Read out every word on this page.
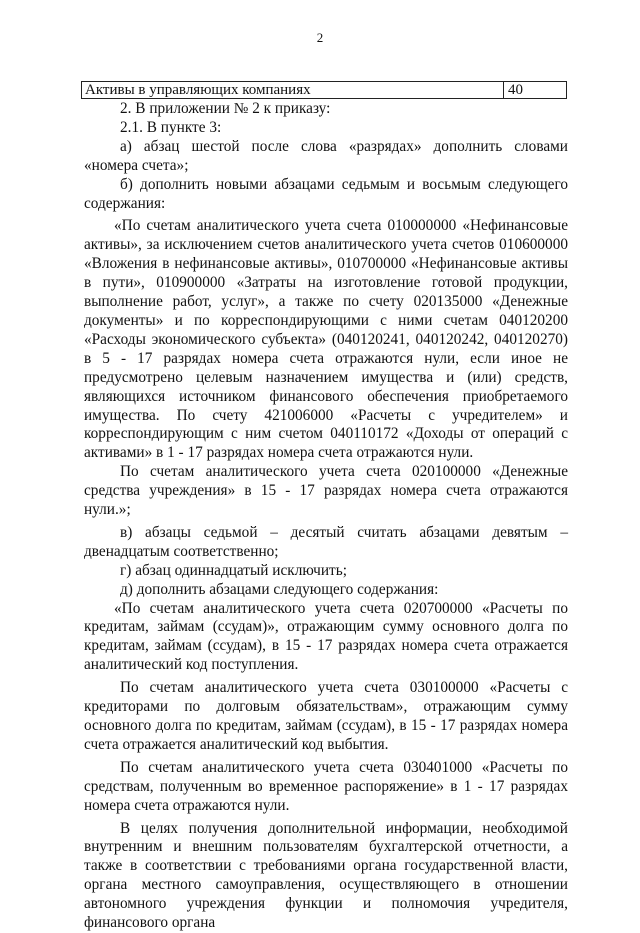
2
Активы в управляющих компаниях	40

2. В приложении № 2 к приказу:

2.1. В пункте 3:

а) абзац шестой после слова «разрядах» дополнить словами «номера счета»;

б) дополнить новыми абзацами седьмым и восьмым следующего содержания:

«По счетам аналитического учета счета 010000000 «Нефинансовые активы», за исключением счетов аналитического учета счетов 010600000 «Вложения в нефинансовые активы», 010700000 «Нефинансовые активы в пути», 010900000 «Затраты на изготовление готовой продукции, выполнение работ, услуг», а также по счету 020135000 «Денежные документы» и по корреспондирующими с ними счетам 040120200 «Расходы экономического субъекта» (040120241, 040120242, 040120270) в 5 - 17 разрядах номера счета отражаются нули, если иное не предусмотрено целевым назначением имущества и (или) средств, являющихся источником финансового обеспечения приобретаемого имущества. По счету 421006000 «Расчеты с учредителем» и корреспондирующим с ним счетом 040110172 «Доходы от операций с активами» в 1 - 17 разрядах номера счета отражаются нули.

По счетам аналитического учета счета 020100000 «Денежные средства учреждения» в 15 - 17 разрядах номера счета отражаются нули.»;

в) абзацы седьмой – десятый считать абзацами девятым – двенадцатым соответственно;

г) абзац одиннадцатый исключить;

д) дополнить абзацами следующего содержания:

«По счетам аналитического учета счета 020700000 «Расчеты по кредитам, займам (ссудам)», отражающим сумму основного долга по кредитам, займам (ссудам), в 15 - 17 разрядах номера счета отражается аналитический код поступления.

По счетам аналитического учета счета 030100000 «Расчеты с кредиторами по долговым обязательствам», отражающим сумму основного долга по кредитам, займам (ссудам), в 15 - 17 разрядах номера счета отражается аналитический код выбытия.

По счетам аналитического учета счета 030401000 «Расчеты по средствам, полученным во временное распоряжение» в 1 - 17 разрядах номера счета отражаются нули.

В целях получения дополнительной информации, необходимой внутренним и внешним пользователям бухгалтерской отчетности, а также в соответствии с требованиями органа государственной власти, органа местного самоуправления, осуществляющего в отношении автономного учреждения функции и полномочия учредителя, финансового органа
